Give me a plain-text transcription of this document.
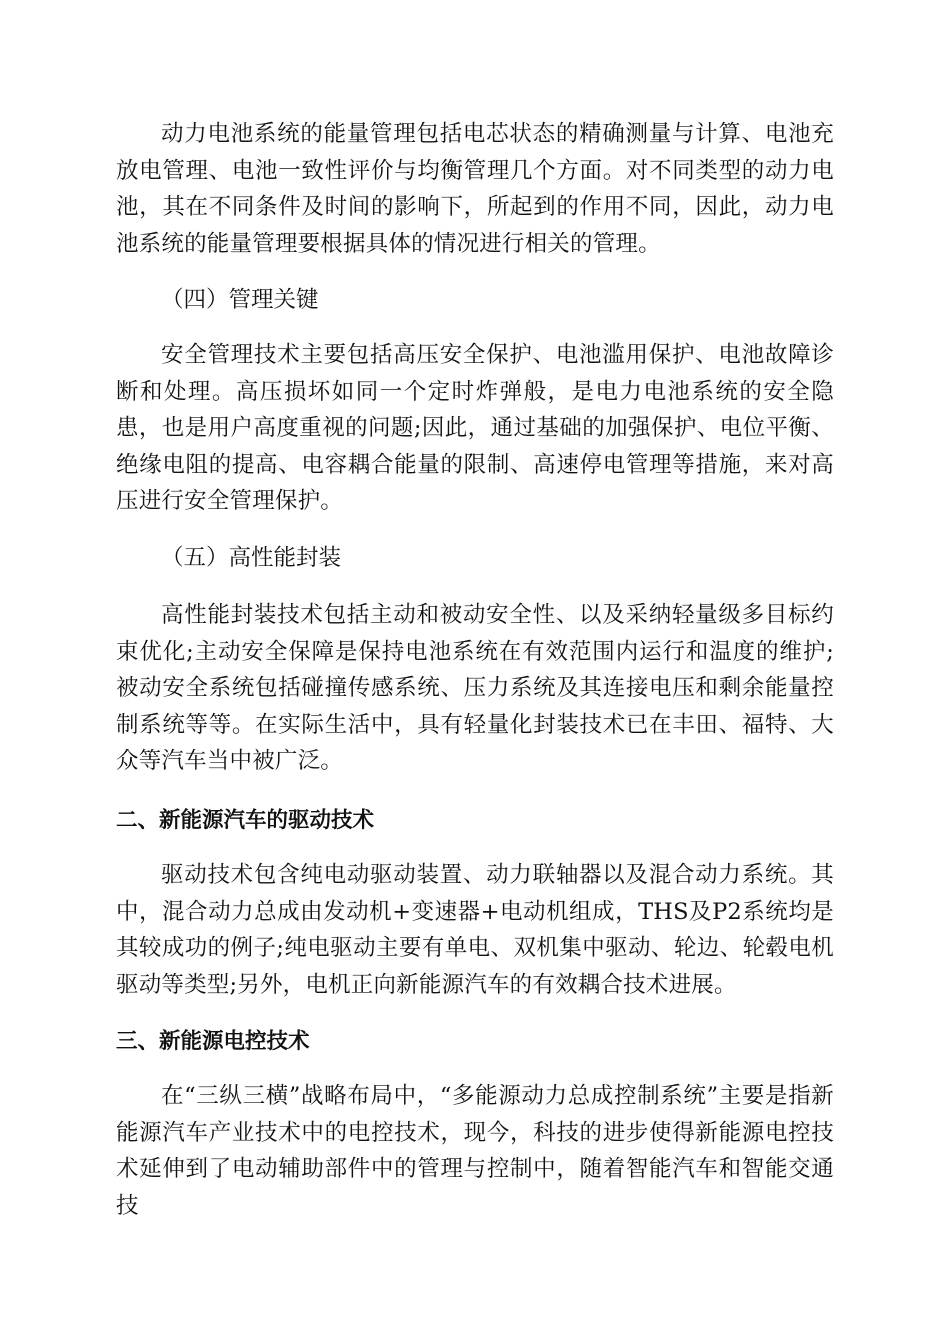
动力电池系统的能量管理包括电芯状态的精确测量与计算、电池充放电管理、电池一致性评价与均衡管理几个方面。对不同类型的动力电池，其在不同条件及时间的影响下，所起到的作用不同，因此，动力电池系统的能量管理要根据具体的情况进行相关的管理。

（四）管理关键

安全管理技术主要包括高压安全保护、电池滥用保护、电池故障诊断和处理。高压损坏如同一个定时炸弹般，是电力电池系统的安全隐患，也是用户高度重视的问题;因此，通过基础的加强保护、电位平衡、绝缘电阻的提高、电容耦合能量的限制、高速停电管理等措施，来对高压进行安全管理保护。

（五）高性能封装

高性能封装技术包括主动和被动安全性、以及采纳轻量级多目标约束优化;主动安全保障是保持电池系统在有效范围内运行和温度的维护;被动安全系统包括碰撞传感系统、压力系统及其连接电压和剩余能量控制系统等等。在实际生活中，具有轻量化封装技术已在丰田、福特、大众等汽车当中被广泛。

二、新能源汽车的驱动技术

驱动技术包含纯电动驱动装置、动力联轴器以及混合动力系统。其中，混合动力总成由发动机+变速器+电动机组成，THS及P2系统均是其较成功的例子;纯电驱动主要有单电、双机集中驱动、轮边、轮毂电机驱动等类型;另外，电机正向新能源汽车的有效耦合技术进展。

三、新能源电控技术

在“三纵三横”战略布局中，“多能源动力总成控制系统”主要是指新能源汽车产业技术中的电控技术，现今，科技的进步使得新能源电控技术延伸到了电动辅助部件中的管理与控制中，随着智能汽车和智能交通技
